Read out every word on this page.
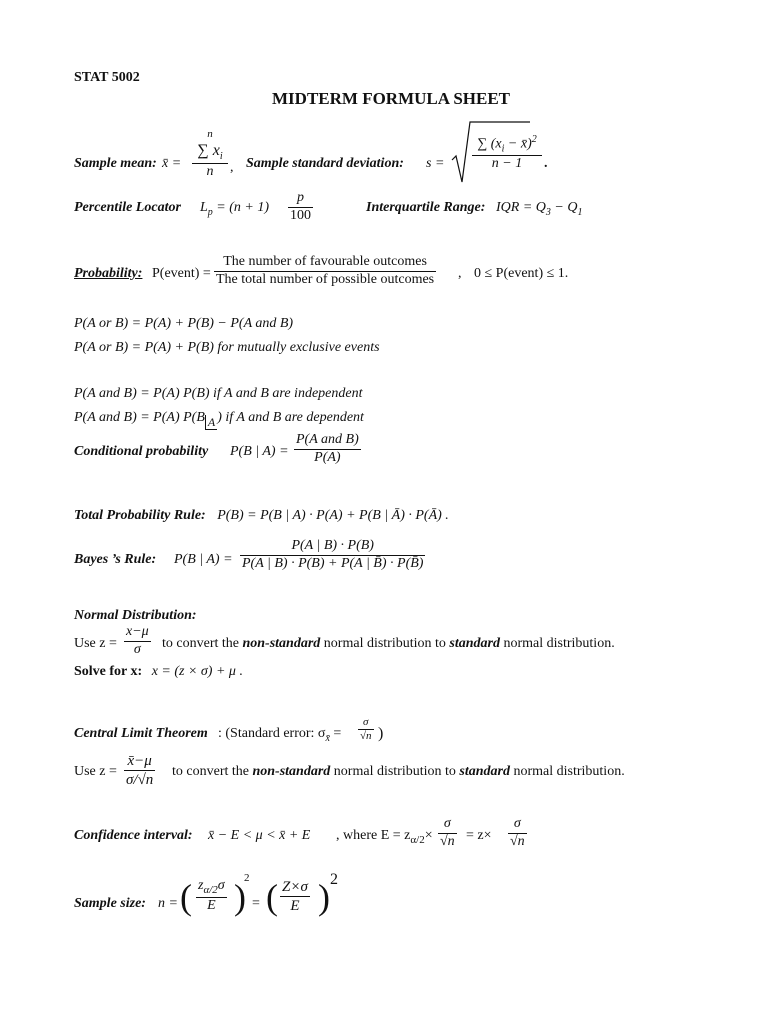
STAT 5002
MIDTERM FORMULA SHEET
Sample mean: x̄ =
n
∑ $x_i$

n	, Sample standard deviation: s =
∑ ($x_i$ − x̄)$^2$
n − 1	.
Percentile Locator $L_p = (n + 1) \frac{p}{100}$	Interquartile Range: IQR = $Q_3 - Q_1$
Probability: P(event) =
The number of favourable outcomes
The total number of possible outcomes , 0 ≤ P(event) ≤ 1.
P(A or B) = P(A) + P(B) − P(A and B)
P(A or B) = P(A) + P(B) for mutually exclusive events
P(A and B) = P(A) P(B) if A and B are independent
P(A and B) = P(A) P(B A ) if A and B are dependent
Conditional probability P(B | A) =
P(A and B)
P(A)
Total Probability Rule: P(B) = P(B | A) · P(A) + P(B | Ā) · P(Ā) .
Bayes ’s Rule: P(B | $A) = \frac{P(A | B) \cdot P(B)}{P(A | B) \cdot P(B) + P(A | B̄) \cdot P(B̄)}$
Normal Distribution:
Use $z = \frac{x-\mu}{\sigma}$ to convert the non-standard normal distribution to standard normal distribution.
Solve for x: x = (z × σ) + μ .
Central Limit Theorem : (Standard error: $\sigma_{x̄} = \frac{\sigma}{√n}$ )
Use $z = \frac{x̄-\mu}{\sigma/√n}$ to convert the non-standard normal distribution to standard normal distribution.
Confidence interval: x̄ − E < μ < x̄ + E , where $E = z_{\alpha/2}\times \frac{\sigma}{√n} = z\times \frac{\sigma}{√n}$
Sample size: n = ( $\frac{z_{\alpha/2}\sigma}{E}$ )
2
= ( $\frac{Z\times\sigma}{E}$ ) 2
